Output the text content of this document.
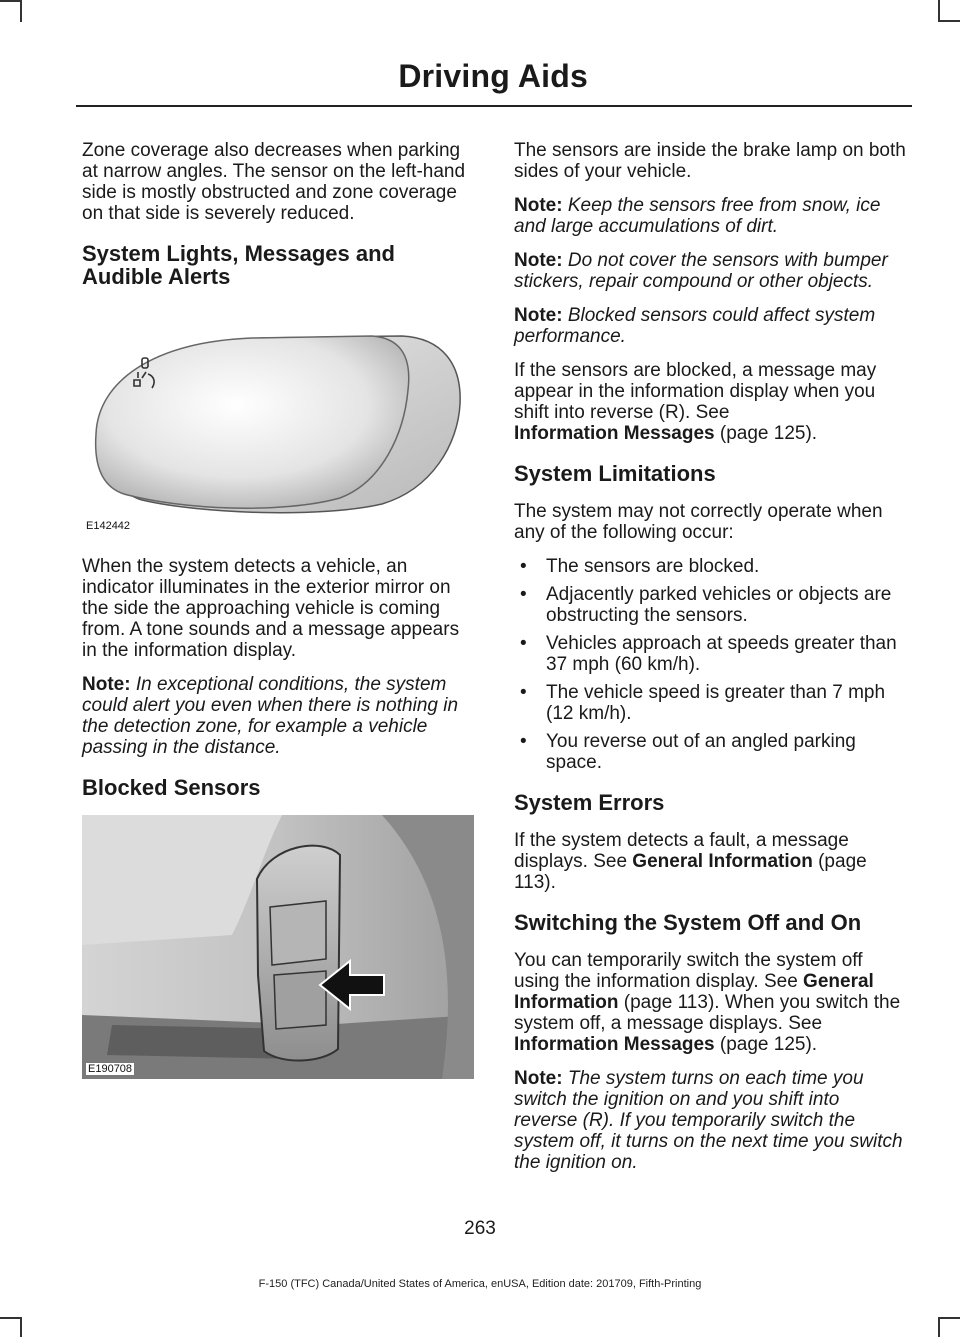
Driving Aids

Zone coverage also decreases when parking at narrow angles. The sensor on the left-hand side is mostly obstructed and zone coverage on that side is severely reduced.

System Lights, Messages and Audible Alerts
E142442

When the system detects a vehicle, an indicator illuminates in the exterior mirror on the side the approaching vehicle is coming from. A tone sounds and a message appears in the information display.

Note: In exceptional conditions, the system could alert you even when there is nothing in the detection zone, for example a vehicle passing in the distance.

Blocked Sensors
E190708

The sensors are inside the brake lamp on both sides of your vehicle.

Note: Keep the sensors free from snow, ice and large accumulations of dirt.

Note: Do not cover the sensors with bumper stickers, repair compound or other objects.

Note: Blocked sensors could affect system performance.

If the sensors are blocked, a message may appear in the information display when you shift into reverse (R). See
Information Messages (page 125).

System Limitations

The system may not correctly operate when any of the following occur:

• The sensors are blocked.
• Adjacently parked vehicles or objects are obstructing the sensors.
• Vehicles approach at speeds greater than 37 mph (60 km/h).
• The vehicle speed is greater than 7 mph (12 km/h).
• You reverse out of an angled parking space.
System Errors

If the system detects a fault, a message displays. See General Information (page 113).

Switching the System Off and On

You can temporarily switch the system off using the information display. See General Information (page 113). When you switch the system off, a message displays. See Information Messages (page 125).

Note: The system turns on each time you switch the ignition on and you shift into reverse (R). If you temporarily switch the system off, it turns on the next time you switch the ignition on.

263
F-150 (TFC) Canada/United States of America, enUSA, Edition date: 201709, Fifth-Printing
